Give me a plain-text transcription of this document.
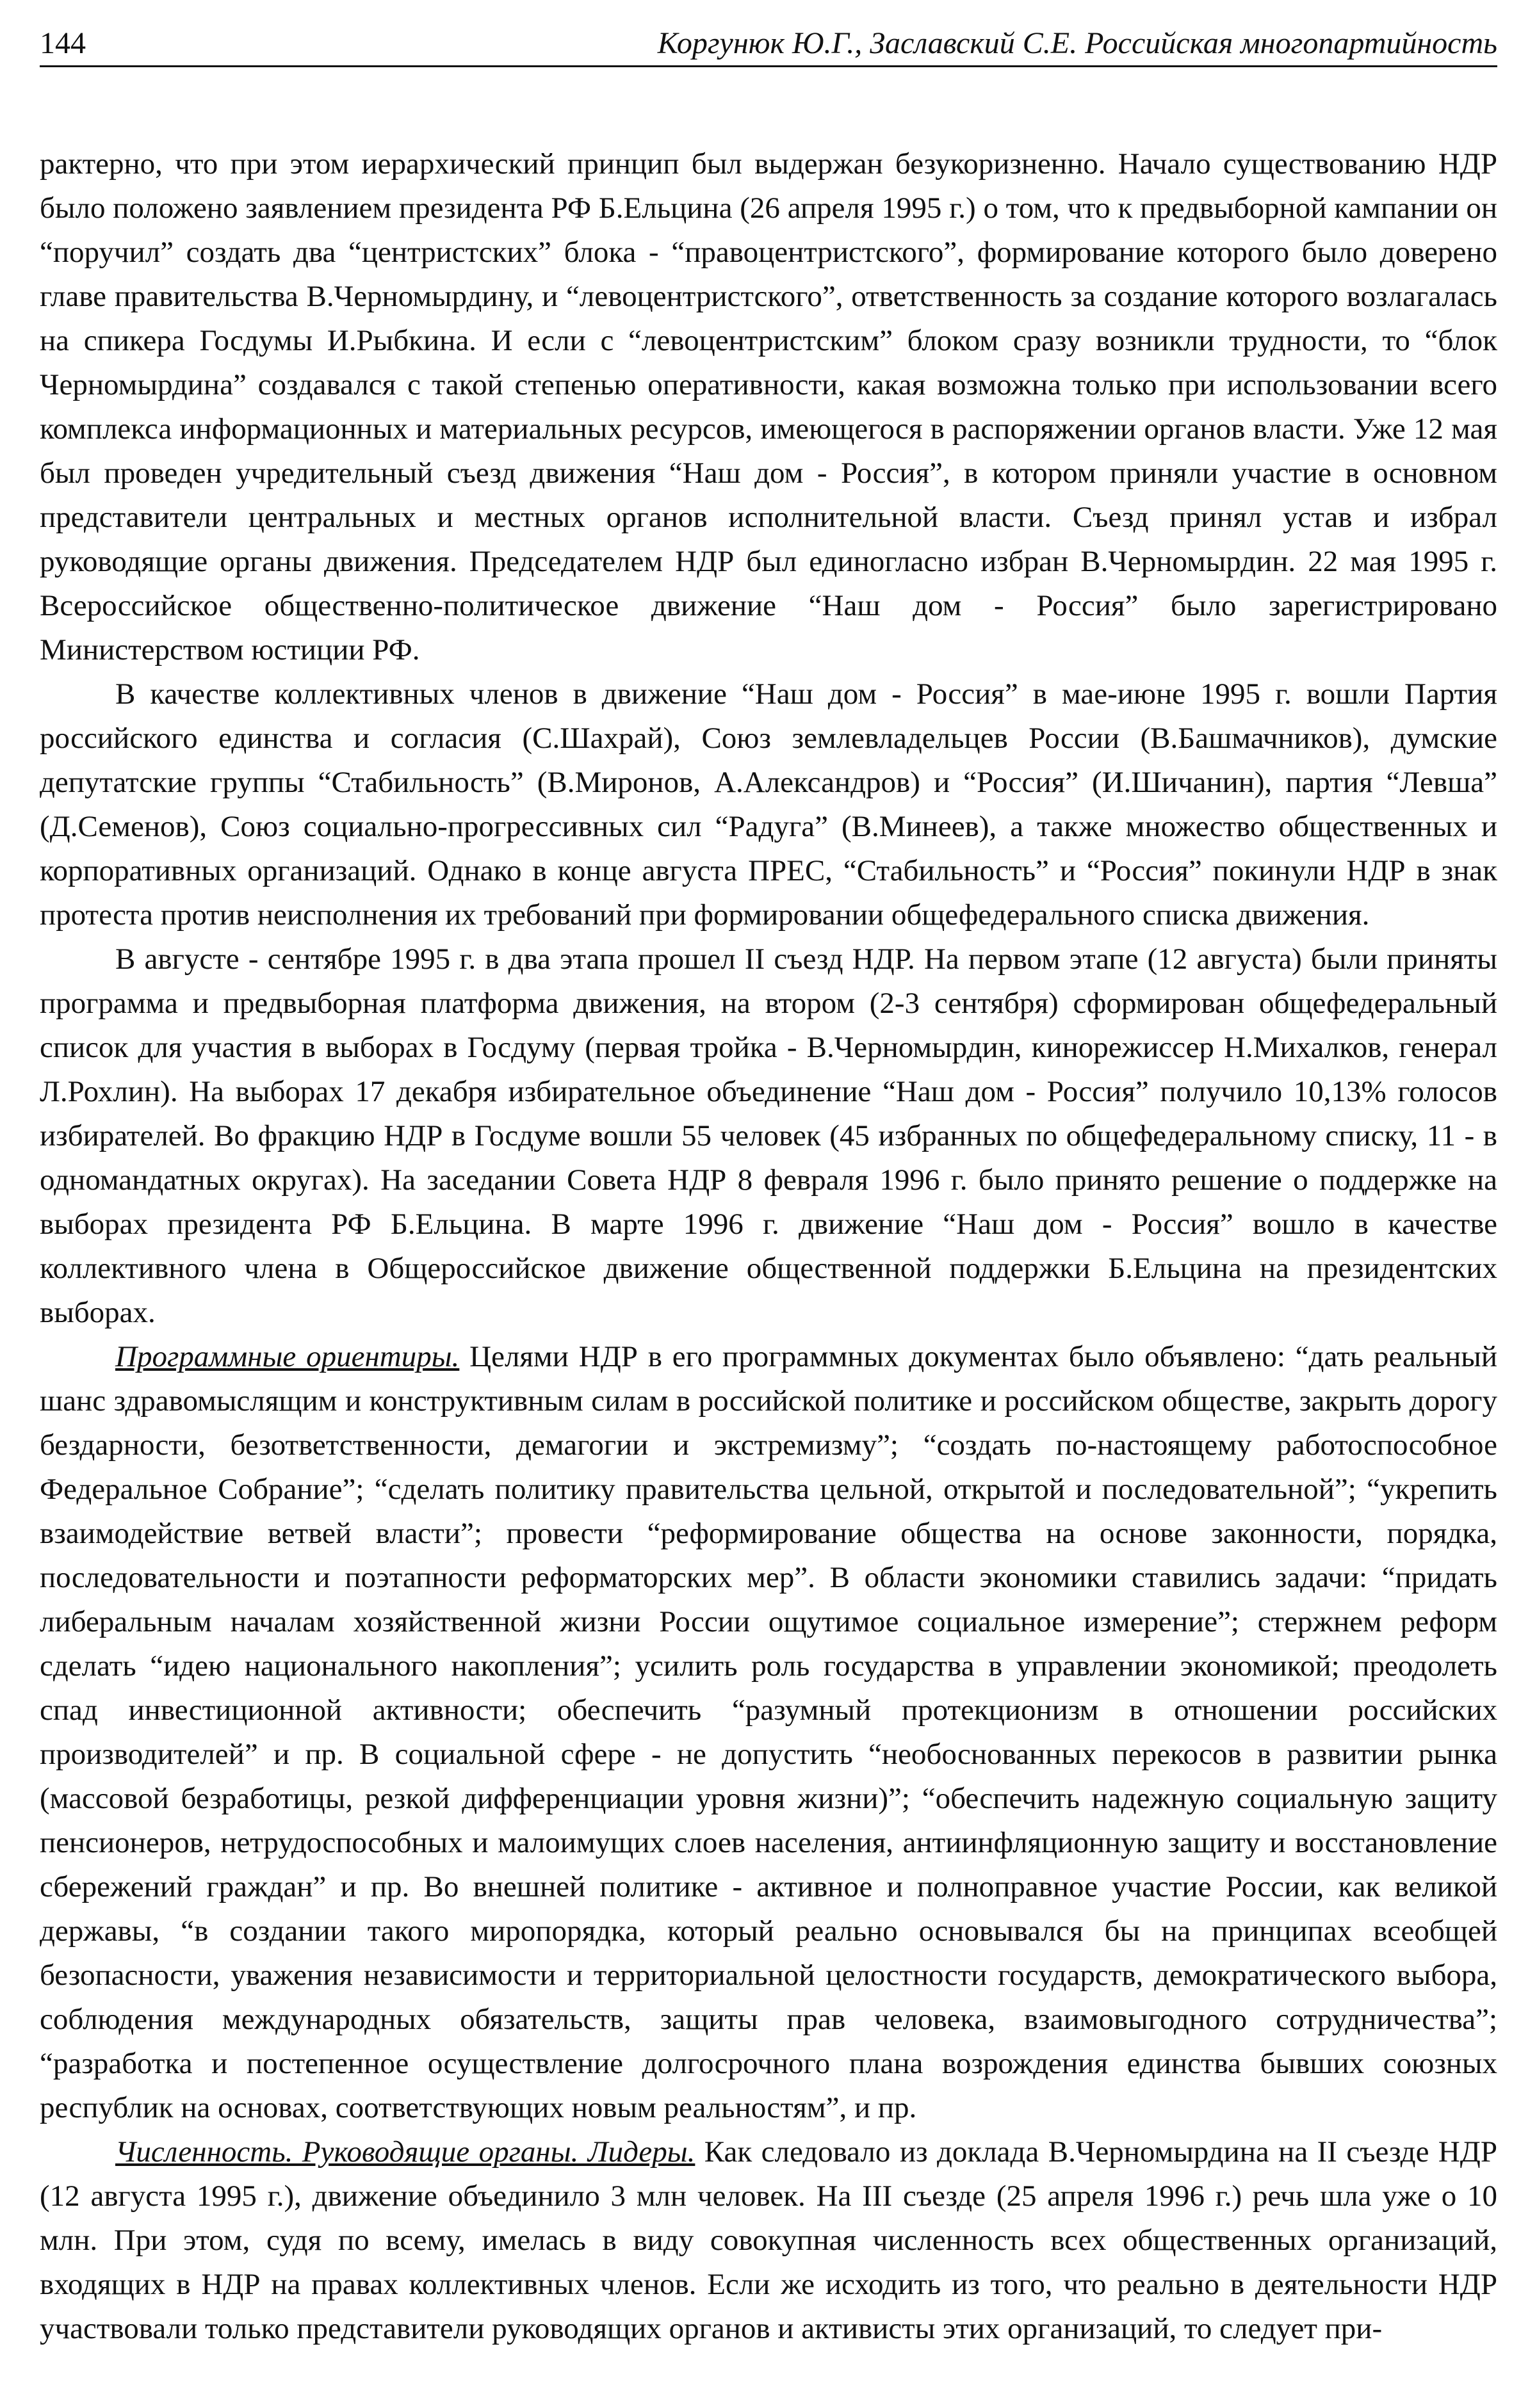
144	Коргунюк Ю.Г., Заславский С.Е. Российская многопартийность

рактерно, что при этом иерархический принцип был выдержан безукоризненно. Начало существованию НДР было положено заявлением президента РФ Б.Ельцина (26 апреля 1995 г.) о том, что к предвыборной кампании он “поручил” создать два “центристских” блока - “правоцентристского”, формирование которого было доверено главе правительства В.Черномырдину, и “левоцентристского”, ответственность за создание которого возлагалась на спикера Госдумы И.Рыбкина. И если с “левоцентристским” блоком сразу возникли трудности, то “блок Черномырдина” создавался с такой степенью оперативности, какая возможна только при использовании всего комплекса информационных и материальных ресурсов, имеющегося в распоряжении органов власти. Уже 12 мая был проведен учредительный съезд движения “Наш дом - Россия”, в котором приняли участие в основном представители центральных и местных органов исполнительной власти. Съезд принял устав и избрал руководящие органы движения. Председателем НДР был единогласно избран В.Черномырдин. 22 мая 1995 г. Всероссийское общественно-политическое движение “Наш дом - Россия” было зарегистрировано Министерством юстиции РФ.

В качестве коллективных членов в движение “Наш дом - Россия” в мае-июне 1995 г. вошли Партия российского единства и согласия (С.Шахрай), Союз землевладельцев России (В.Башмачников), думские депутатские группы “Стабильность” (В.Миронов, А.Александров) и “Россия” (И.Шичанин), партия “Левша” (Д.Семенов), Союз социально-прогрессивных сил “Радуга” (В.Минеев), а также множество общественных и корпоративных организаций. Однако в конце августа ПРЕС, “Стабильность” и “Россия” покинули НДР в знак протеста против неисполнения их требований при формировании общефедерального списка движения.

В августе - сентябре 1995 г. в два этапа прошел II съезд НДР. На первом этапе (12 августа) были приняты программа и предвыборная платформа движения, на втором (2-3 сентября) сформирован общефедеральный список для участия в выборах в Госдуму (первая тройка - В.Черномырдин, кинорежиссер Н.Михалков, генерал Л.Рохлин). На выборах 17 декабря избирательное объединение “Наш дом - Россия” получило 10,13% голосов избирателей. Во фракцию НДР в Госдуме вошли 55 человек (45 избранных по общефедеральному списку, 11 - в одномандатных округах). На заседании Совета НДР 8 февраля 1996 г. было принято решение о поддержке на выборах президента РФ Б.Ельцина. В марте 1996 г. движение “Наш дом - Россия” вошло в качестве коллективного члена в Общероссийское движение общественной поддержки Б.Ельцина на президентских выборах.

Программные ориентиры. Целями НДР в его программных документах было объявлено: “дать реальный шанс здравомыслящим и конструктивным силам в российской политике и российском обществе, закрыть дорогу бездарности, безответственности, демагогии и экстремизму”; “создать по-настоящему работоспособное Федеральное Собрание”; “сделать политику правительства цельной, открытой и последовательной”; “укрепить взаимодействие ветвей власти”; провести “реформирование общества на основе законности, порядка, последовательности и поэтапности реформаторских мер”. В области экономики ставились задачи: “придать либеральным началам хозяйственной жизни России ощутимое социальное измерение”; стержнем реформ сделать “идею национального накопления”; усилить роль государства в управлении экономикой; преодолеть спад инвестиционной активности; обеспечить “разумный протекционизм в отношении российских производителей” и пр. В социальной сфере - не допустить “необоснованных перекосов в развитии рынка (массовой безработицы, резкой дифференциации уровня жизни)”; “обеспечить надежную социальную защиту пенсионеров, нетрудоспособных и малоимущих слоев населения, антиинфляционную защиту и восстановление сбережений граждан” и пр. Во внешней политике - активное и полноправное участие России, как великой державы, “в создании такого миропорядка, который реально основывался бы на принципах всеобщей безопасности, уважения независимости и территориальной целостности государств, демократического выбора, соблюдения международных обязательств, защиты прав человека, взаимовыгодного сотрудничества”; “разработка и постепенное осуществление долгосрочного плана возрождения единства бывших союзных республик на основах, соответствующих новым реальностям”, и пр.

Численность. Руководящие органы. Лидеры. Как следовало из доклада В.Черномырдина на II съезде НДР (12 августа 1995 г.), движение объединило 3 млн человек. На III съезде (25 апреля 1996 г.) речь шла уже о 10 млн. При этом, судя по всему, имелась в виду совокупная численность всех общественных организаций, входящих в НДР на правах коллективных членов. Если же исходить из того, что реально в деятельности НДР участвовали только представители руководящих органов и активисты этих организаций, то следует при-
